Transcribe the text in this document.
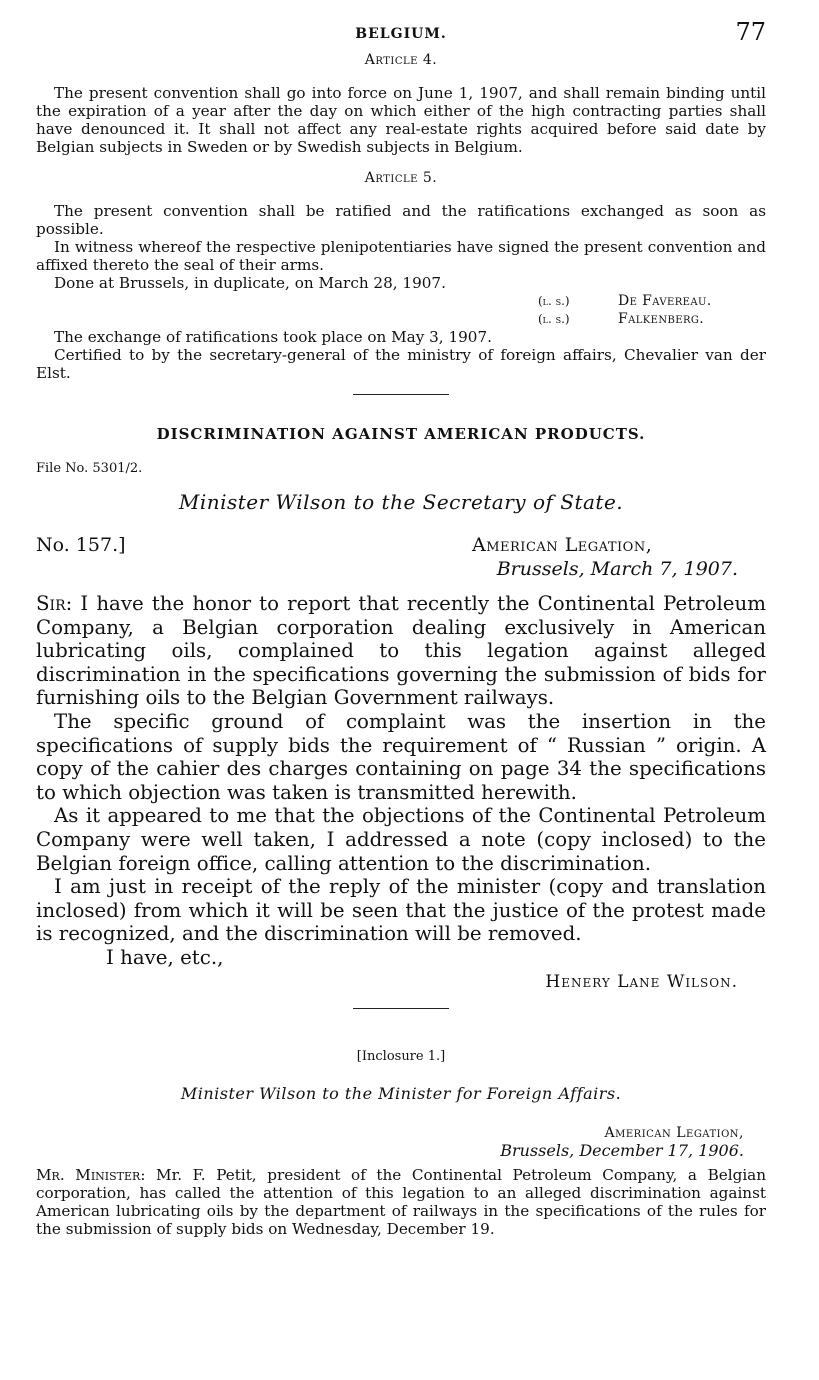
BELGIUM.	77
Article 4.

The present convention shall go into force on June 1, 1907, and shall remain binding until the expiration of a year after the day on which either of the high contracting parties shall have denounced it. It shall not affect any real-estate rights acquired before said date by Belgian subjects in Sweden or by Swedish subjects in Belgium.

Article 5.

The present convention shall be ratified and the ratifications exchanged as soon as possible.

In witness whereof the respective plenipotentiaries have signed the present convention and affixed thereto the seal of their arms.

Done at Brussels, in duplicate, on March 28, 1907.

(l. s.)	De Favereau.
(l. s.)	Falkenberg.

The exchange of ratifications took place on May 3, 1907.

Certified to by the secretary-general of the ministry of foreign affairs, Chevalier van der Elst.

DISCRIMINATION AGAINST AMERICAN PRODUCTS.
File No. 5301/2.
Minister Wilson to the Secretary of State.
No. 157.]	American Legation,
Brussels, March 7, 1907.

Sir: I have the honor to report that recently the Continental Petroleum Company, a Belgian corporation dealing exclusively in American lubricating oils, complained to this legation against alleged discrimination in the specifications governing the submission of bids for furnishing oils to the Belgian Government railways.

The specific ground of complaint was the insertion in the specifications of supply bids the requirement of “ Russian ” origin. A copy of the cahier des charges containing on page 34 the specifications to which objection was taken is transmitted herewith.

As it appeared to me that the objections of the Continental Petroleum Company were well taken, I addressed a note (copy inclosed) to the Belgian foreign office, calling attention to the discrimination.

I am just in receipt of the reply of the minister (copy and translation inclosed) from which it will be seen that the justice of the protest made is recognized, and the discrimination will be removed.

I have, etc.,
Henery Lane Wilson.
[Inclosure 1.]
Minister Wilson to the Minister for Foreign Affairs.
American Legation,
Brussels, December 17, 1906.

Mr. Minister: Mr. F. Petit, president of the Continental Petroleum Company, a Belgian corporation, has called the attention of this legation to an alleged discrimination against American lubricating oils by the department of railways in the specifications of the rules for the submission of supply bids on Wednesday, December 19.
